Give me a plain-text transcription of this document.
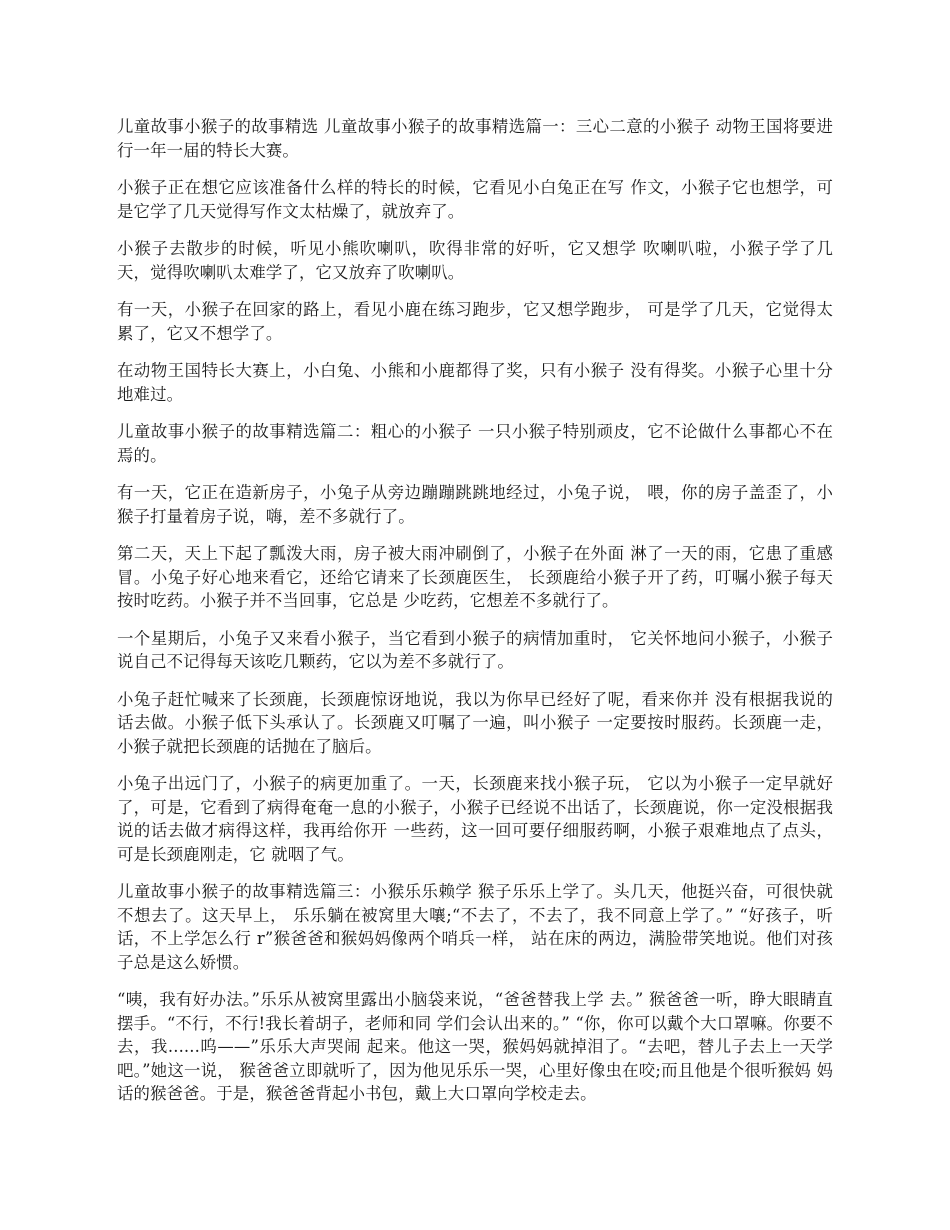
儿童故事小猴子的故事精选 儿童故事小猴子的故事精选篇一：三心二意的小猴子 动物王国将要进行一年一届的特长大赛。

小猴子正在想它应该准备什么样的特长的时候，它看见小白兔正在写 作文，小猴子它也想学，可是它学了几天觉得写作文太枯燥了，就放弃了。

小猴子去散步的时候，听见小熊吹喇叭，吹得非常的好听，它又想学 吹喇叭啦，小猴子学了几天，觉得吹喇叭太难学了，它又放弃了吹喇叭。

有一天，小猴子在回家的路上，看见小鹿在练习跑步，它又想学跑步， 可是学了几天，它觉得太累了，它又不想学了。

在动物王国特长大赛上，小白兔、小熊和小鹿都得了奖，只有小猴子 没有得奖。小猴子心里十分地难过。

儿童故事小猴子的故事精选篇二：粗心的小猴子 一只小猴子特别顽皮，它不论做什么事都心不在焉的。

有一天，它正在造新房子，小兔子从旁边蹦蹦跳跳地经过，小兔子说， 喂，你的房子盖歪了，小猴子打量着房子说，嗨，差不多就行了。

第二天，天上下起了瓢泼大雨，房子被大雨冲刷倒了，小猴子在外面 淋了一天的雨，它患了重感冒。小兔子好心地来看它，还给它请来了长颈鹿医生， 长颈鹿给小猴子开了药，叮嘱小猴子每天按时吃药。小猴子并不当回事，它总是 少吃药，它想差不多就行了。

一个星期后，小兔子又来看小猴子，当它看到小猴子的病情加重时， 它关怀地问小猴子，小猴子说自己不记得每天该吃几颗药，它以为差不多就行了。

小兔子赶忙喊来了长颈鹿，长颈鹿惊讶地说，我以为你早已经好了呢，看来你并 没有根据我说的话去做。小猴子低下头承认了。长颈鹿又叮嘱了一遍，叫小猴子 一定要按时服药。长颈鹿一走，小猴子就把长颈鹿的话抛在了脑后。

小兔子出远门了，小猴子的病更加重了。一天，长颈鹿来找小猴子玩， 它以为小猴子一定早就好了，可是，它看到了病得奄奄一息的小猴子，小猴子已经说不出话了，长颈鹿说，你一定没根据我说的话去做才病得这样，我再给你开 一些药，这一回可要仔细服药啊，小猴子艰难地点了点头，可是长颈鹿刚走，它 就咽了气。

儿童故事小猴子的故事精选篇三：小猴乐乐赖学 猴子乐乐上学了。头几天，他挺兴奋，可很快就不想去了。这天早上， 乐乐躺在被窝里大嚷;“不去了，不去了，我不同意上学了。” “好孩子，听话，不上学怎么行 r”猴爸爸和猴妈妈像两个哨兵一样， 站在床的两边，满脸带笑地说。他们对孩子总是这么娇惯。

“咦，我有好办法。”乐乐从被窝里露出小脑袋来说，“爸爸替我上学 去。” 猴爸爸一听，睁大眼睛直摆手。“不行，不行!我长着胡子，老师和同 学们会认出来的。” “你，你可以戴个大口罩嘛。你要不去，我......呜——”乐乐大声哭闹 起来。他这一哭，猴妈妈就掉泪了。“去吧，替儿子去上一天学吧。”她这一说， 猴爸爸立即就听了，因为他见乐乐一哭，心里好像虫在咬;而且他是个很听猴妈 妈话的猴爸爸。于是，猴爸爸背起小书包，戴上大口罩向学校走去。
